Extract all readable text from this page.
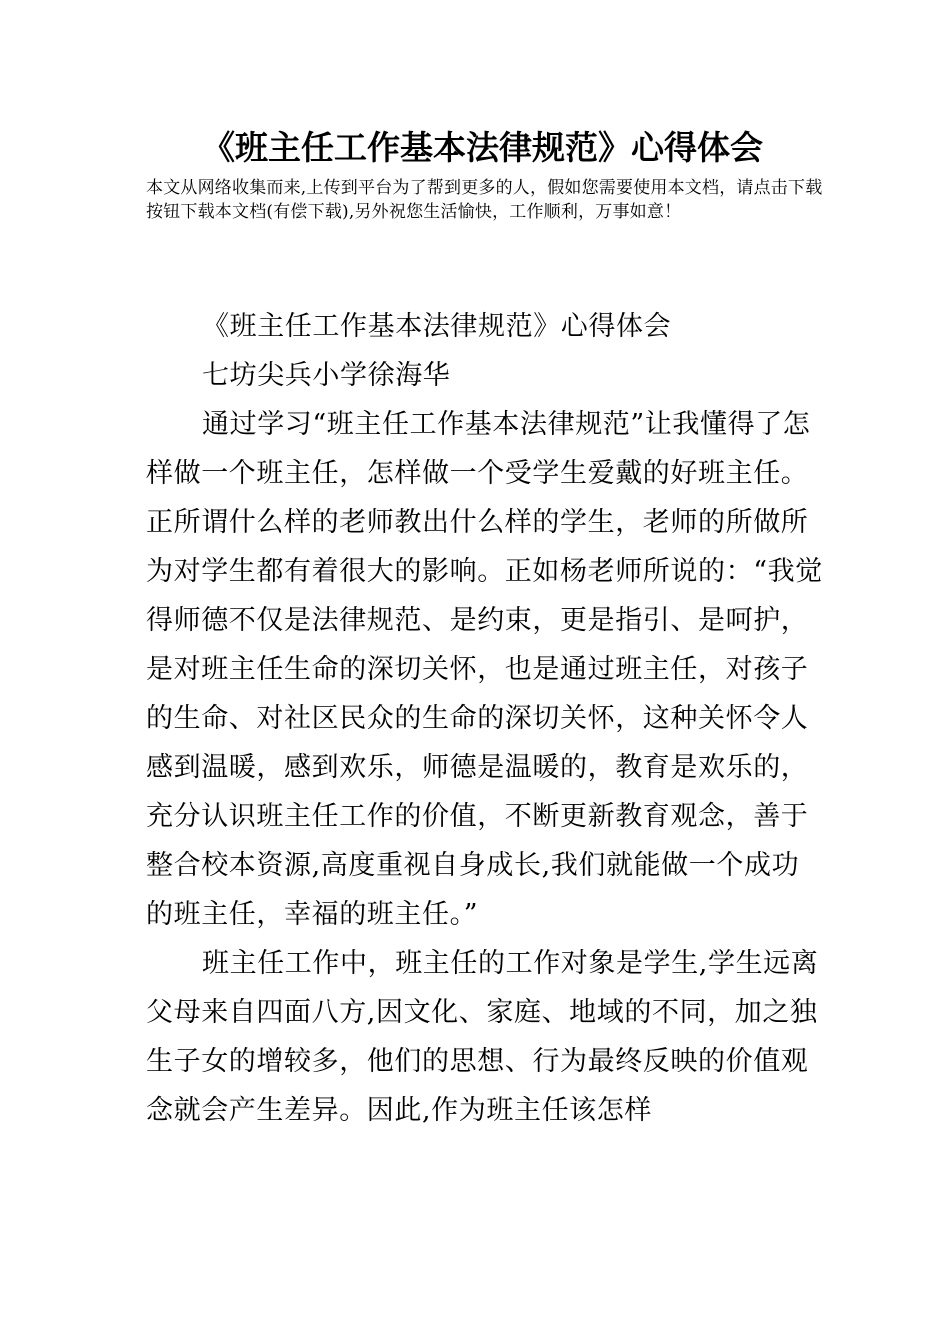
《班主任工作基本法律规范》心得体会

本文从网络收集而来,上传到平台为了帮到更多的人，假如您需要使用本文档，请点击下载按钮下载本文档(有偿下载),另外祝您生活愉快，工作顺利，万事如意！

《班主任工作基本法律规范》心得体会

七坊尖兵小学徐海华

通过学习“班主任工作基本法律规范”让我懂得了怎样做一个班主任，怎样做一个受学生爱戴的好班主任。正所谓什么样的老师教出什么样的学生，老师的所做所为对学生都有着很大的影响。正如杨老师所说的：“我觉得师德不仅是法律规范、是约束，更是指引、是呵护，是对班主任生命的深切关怀，也是通过班主任，对孩子的生命、对社区民众的生命的深切关怀，这种关怀令人感到温暖，感到欢乐，师德是温暖的，教育是欢乐的，充分认识班主任工作的价值，不断更新教育观念，善于整合校本资源,高度重视自身成长,我们就能做一个成功的班主任，幸福的班主任。”

班主任工作中，班主任的工作对象是学生,学生远离父母来自四面八方,因文化、家庭、地域的不同，加之独生子女的增较多，他们的思想、行为最终反映的价值观念就会产生差异。因此,作为班主任该怎样
